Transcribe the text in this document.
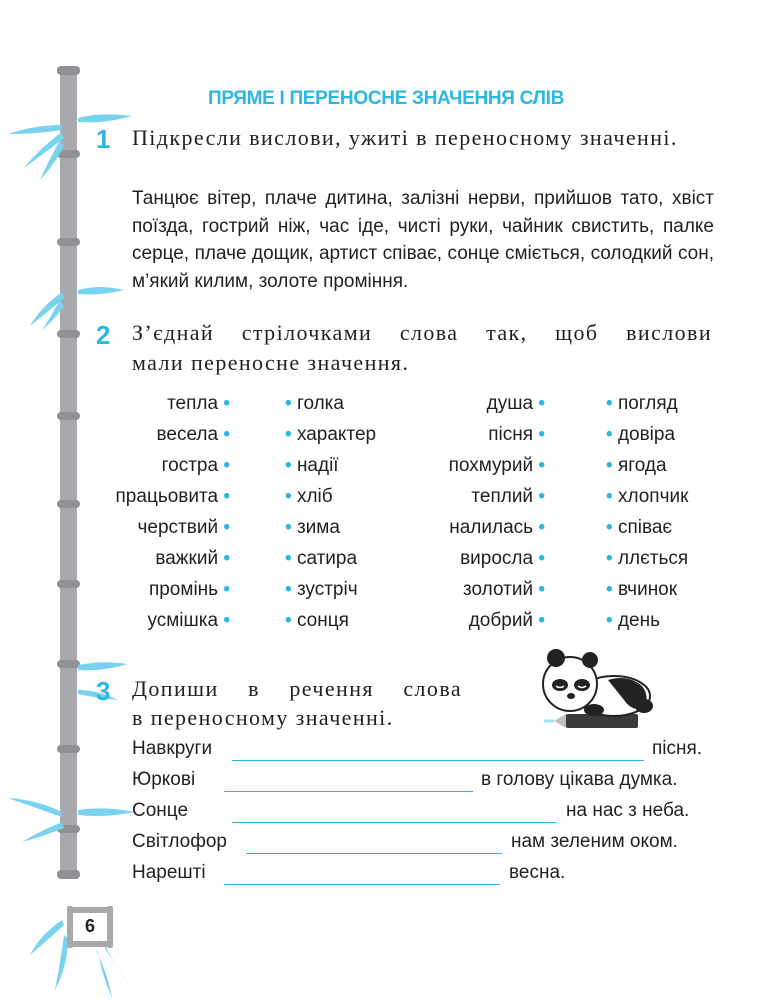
ПРЯМЕ І ПЕРЕНОСНЕ ЗНАЧЕННЯ СЛІВ
1 Підкресли вислови, ужиті в переносному значенні.
Танцює вітер, плаче дитина, залізні нерви, прийшов тато, хвіст поїзда, гострий ніж, час іде, чисті руки, чайник свистить, палке серце, плаче дощик, артист співає, сонце сміється, солодкий сон, м’який килим, золоте проміння.
2 З’єднай стрілочками слова так, щоб вислови
мали переносне значення.
тепла •
весела •
гостра •
працьовита •
черствий •
важкий •
промінь •
усмішка •
• голка
• характер
• надії
• хліб
• зима
• сатира
• зустріч
• сонця
душа •
пісня •
похмурий •
теплий •
налилась •
виросла •
золотий •
добрий •
• погляд
• довіра
• ягода
• хлопчик
• співає
• ллється
• вчинок
• день
3 Допиши в речення слова
в переносному значенні.
Навкруги	пісня.
Юркові	в голову цікава думка.
Сонце	на нас з неба.
Світлофор	нам зеленим оком.
Нарешті	весна.
6
